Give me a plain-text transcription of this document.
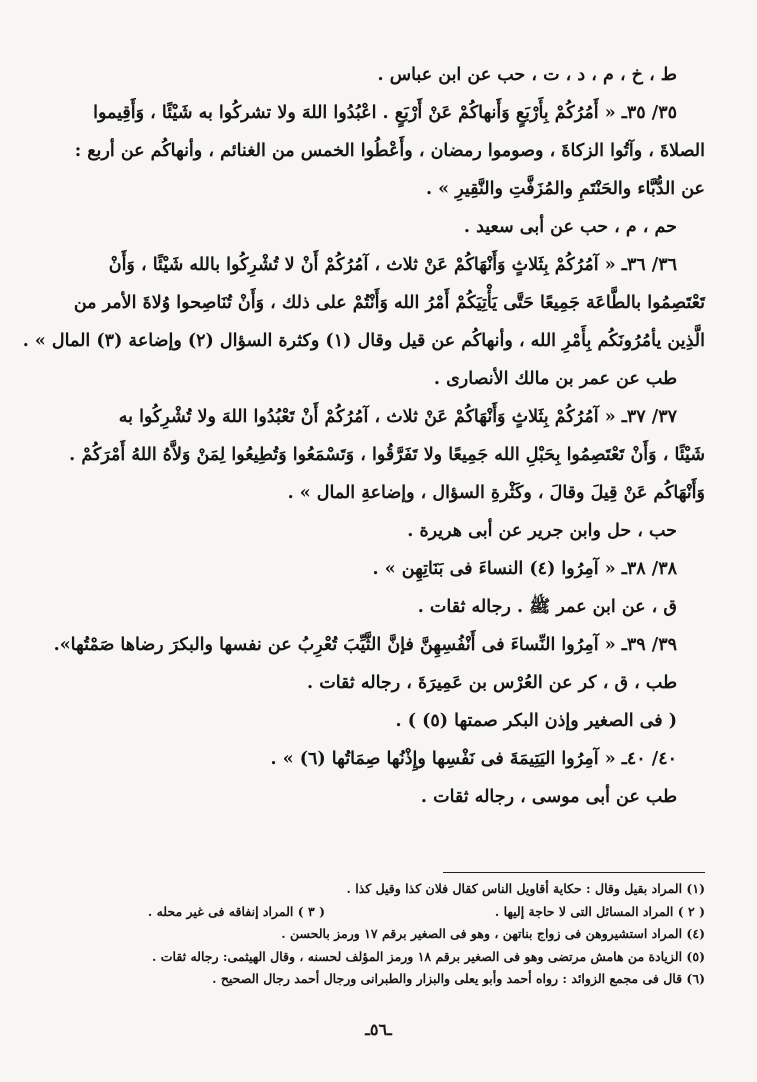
ط ، خ ، م ، د ، ت ، حب عن ابن عباس .
٣٥/ ٣٥ـ « أَمُرُكُمْ بِأَرْبَعٍ وَأَنهاكُمْ عَنْ أَرْبَعٍ . اعْبُدُوا اللهَ ولا تشركُوا به شَيْئًا ، وَأَقِيموا
الصلاةَ ، وآتُوا الزكاةَ ، وصوموا رمضان ، وأَعْطُوا الخمس من الغنائم ، وأنهاكُم عن أربع :
عن الدُّبَّاء والحَنْتَمِ والمُزَفَّتِ والنَّقِيرِ » .
حم ، م ، حب عن أبى سعيد .
٣٦/ ٣٦ـ « آمُرُكُمْ بِثَلاثٍ وَأَنْهَاكُمْ عَنْ ثلاث ، آمُرُكُمْ أَنْ لا تُشْرِكُوا بالله شَيْئًا ، وَأَنْ
تَعْتَصِمُوا بالطَّاعَة جَمِيعًا حَتَّى يَأْتِيَكُمْ أَمْرُ الله وَأَنْتُمْ على ذلك ، وَأَنْ تُنَاصِحوا وُلاةَ الأمر من
الَّذِين يأمُرُونَكُم بِأَمْرِ الله ، وأنهاكُم عن قيل وقال (١) وكثرة السؤال (٢) وإضاعة (٣) المال » .
طب عن عمر بن مالك الأنصارى .
٣٧/ ٣٧ـ « آمُرُكُمْ بِثَلاثٍ وَأَنْهَاكُمْ عَنْ ثلاث ، آمُرُكُمْ أَنْ تَعْبُدُوا اللهَ ولا تُشْرِكُوا به
شَيْئًا ، وَأَنْ تَعْتَصِمُوا بِحَبْلِ الله جَمِيعًا ولا تَفَرَّقُوا ، وَتَسْمَعُوا وَتُطِيعُوا لِمَنْ وَلاَّهُ اللهُ أَمْرَكُمْ .
وَأَنْهَاكُم عَنْ قِيلَ وقالَ ، وكَثْرةِ السؤال ، وإضاعةِ المال » .
حب ، حل وابن جرير عن أبى هريرة .
٣٨/ ٣٨ـ « آمِرُوا (٤) النساءَ فى بَنَاتِهِن » .
ق ، عن ابن عمر ﷺ . رجاله ثقات .
٣٩/ ٣٩ـ « آمِرُوا النِّساءَ فى أَنْفُسِهِنَّ فإنَّ الثَّيِّبَ تُعْرِبُ عن نفسها والبكرَ رضاها صَمْتُها».
طب ، ق ، كر عن العُرْس بن عَمِيرَةَ ، رجاله ثقات .
( فى الصغير وإذن البكر صمتها (٥) ) .
٤٠/ ٤٠ـ « آمِرُوا اليَتِيمَةَ فى نَفْسِها وإِذْنُها صِمَاتُها (٦) » .
طب عن أبى موسى ، رجاله ثقات .
(١) المراد بقيل وقال : حكاية أقاويل الناس كقال فلان كذا وقيل كذا .
( ٢ ) المراد المسائل التى لا حاجة إليها .
( ٣ ) المراد إنفاقه فى غير محله .
(٤) المراد استشيروهن فى زواج بناتهن ، وهو فى الصغير برقم ١٧ ورمز بالحسن .
(٥) الزيادة من هامش مرتضى وهو فى الصغير برقم ١٨ ورمز المؤلف لحسنه ، وقال الهيثمى: رجاله ثقات .
(٦) قال فى مجمع الزوائد : رواه أحمد وأبو يعلى والبزار والطبرانى ورجال أحمد رجال الصحيح .
ـ٥٦ـ
